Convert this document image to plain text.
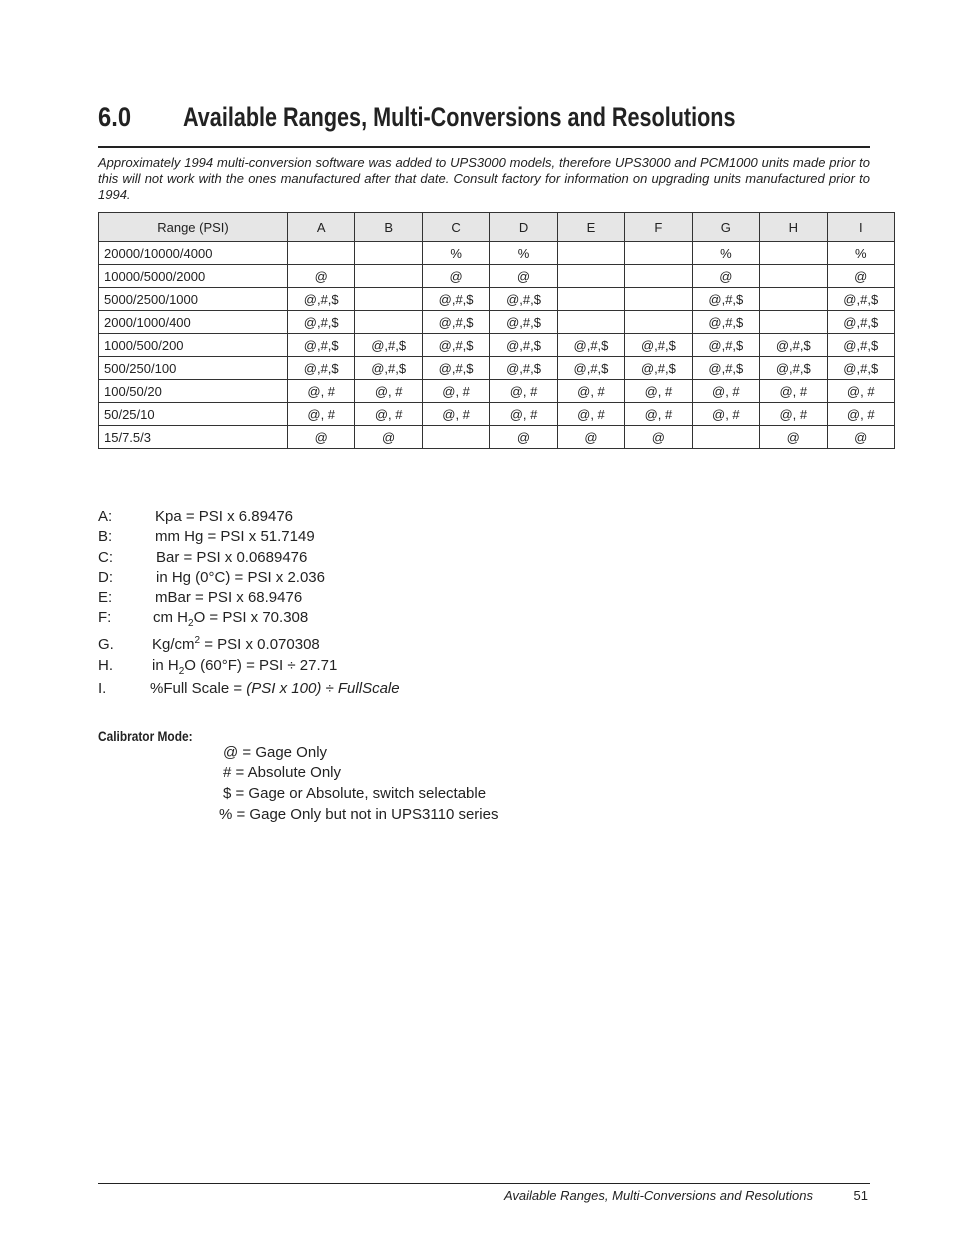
6.0 Available Ranges, Multi-Conversions and Resolutions

Approximately 1994 multi-conversion software was added to UPS3000 models, therefore UPS3000 and PCM1000 units made prior to this will not work with the ones manufactured after that date. Consult factory for information on upgrading units manufactured prior to 1994.

Range (PSI)	A	B	C	D	E	F	G	H	I
20000/10000/4000			%	%			%		%
10000/5000/2000	@		@	@			@		@
5000/2500/1000	@,#,$		@,#,$	@,#,$			@,#,$		@,#,$
2000/1000/400	@,#,$		@,#,$	@,#,$			@,#,$		@,#,$
1000/500/200	@,#,$	@,#,$	@,#,$	@,#,$	@,#,$	@,#,$	@,#,$	@,#,$	@,#,$
500/250/100	@,#,$	@,#,$	@,#,$	@,#,$	@,#,$	@,#,$	@,#,$	@,#,$	@,#,$
100/50/20	@, #	@, #	@, #	@, #	@, #	@, #	@, #	@, #	@, #
50/25/10	@, #	@, #	@, #	@, #	@, #	@, #	@, #	@, #	@, #
15/7.5/3	@	@		@	@	@		@	@
A:	Kpa = PSI x 6.89476
B:	mm Hg = PSI x 51.7149
C:	Bar = PSI x 0.0689476
D:	in Hg (0°C) = PSI x 2.036
E:	mBar = PSI x 68.9476
F:	cm $H_2O$ = PSI x 70.308
G.	$Kg/cm^2$ = PSI x 0.070308
H.	in $H_2O$ (60°F) = PSI ÷ 27.71
I.	%Full Scale = (PSI x 100) ÷ FullScale
Calibrator Mode:
@ = Gage Only
# = Absolute Only
$ = Gage or Absolute, switch selectable
% = Gage Only but not in UPS3110 series
Available Ranges, Multi-Conversions and Resolutions	51
